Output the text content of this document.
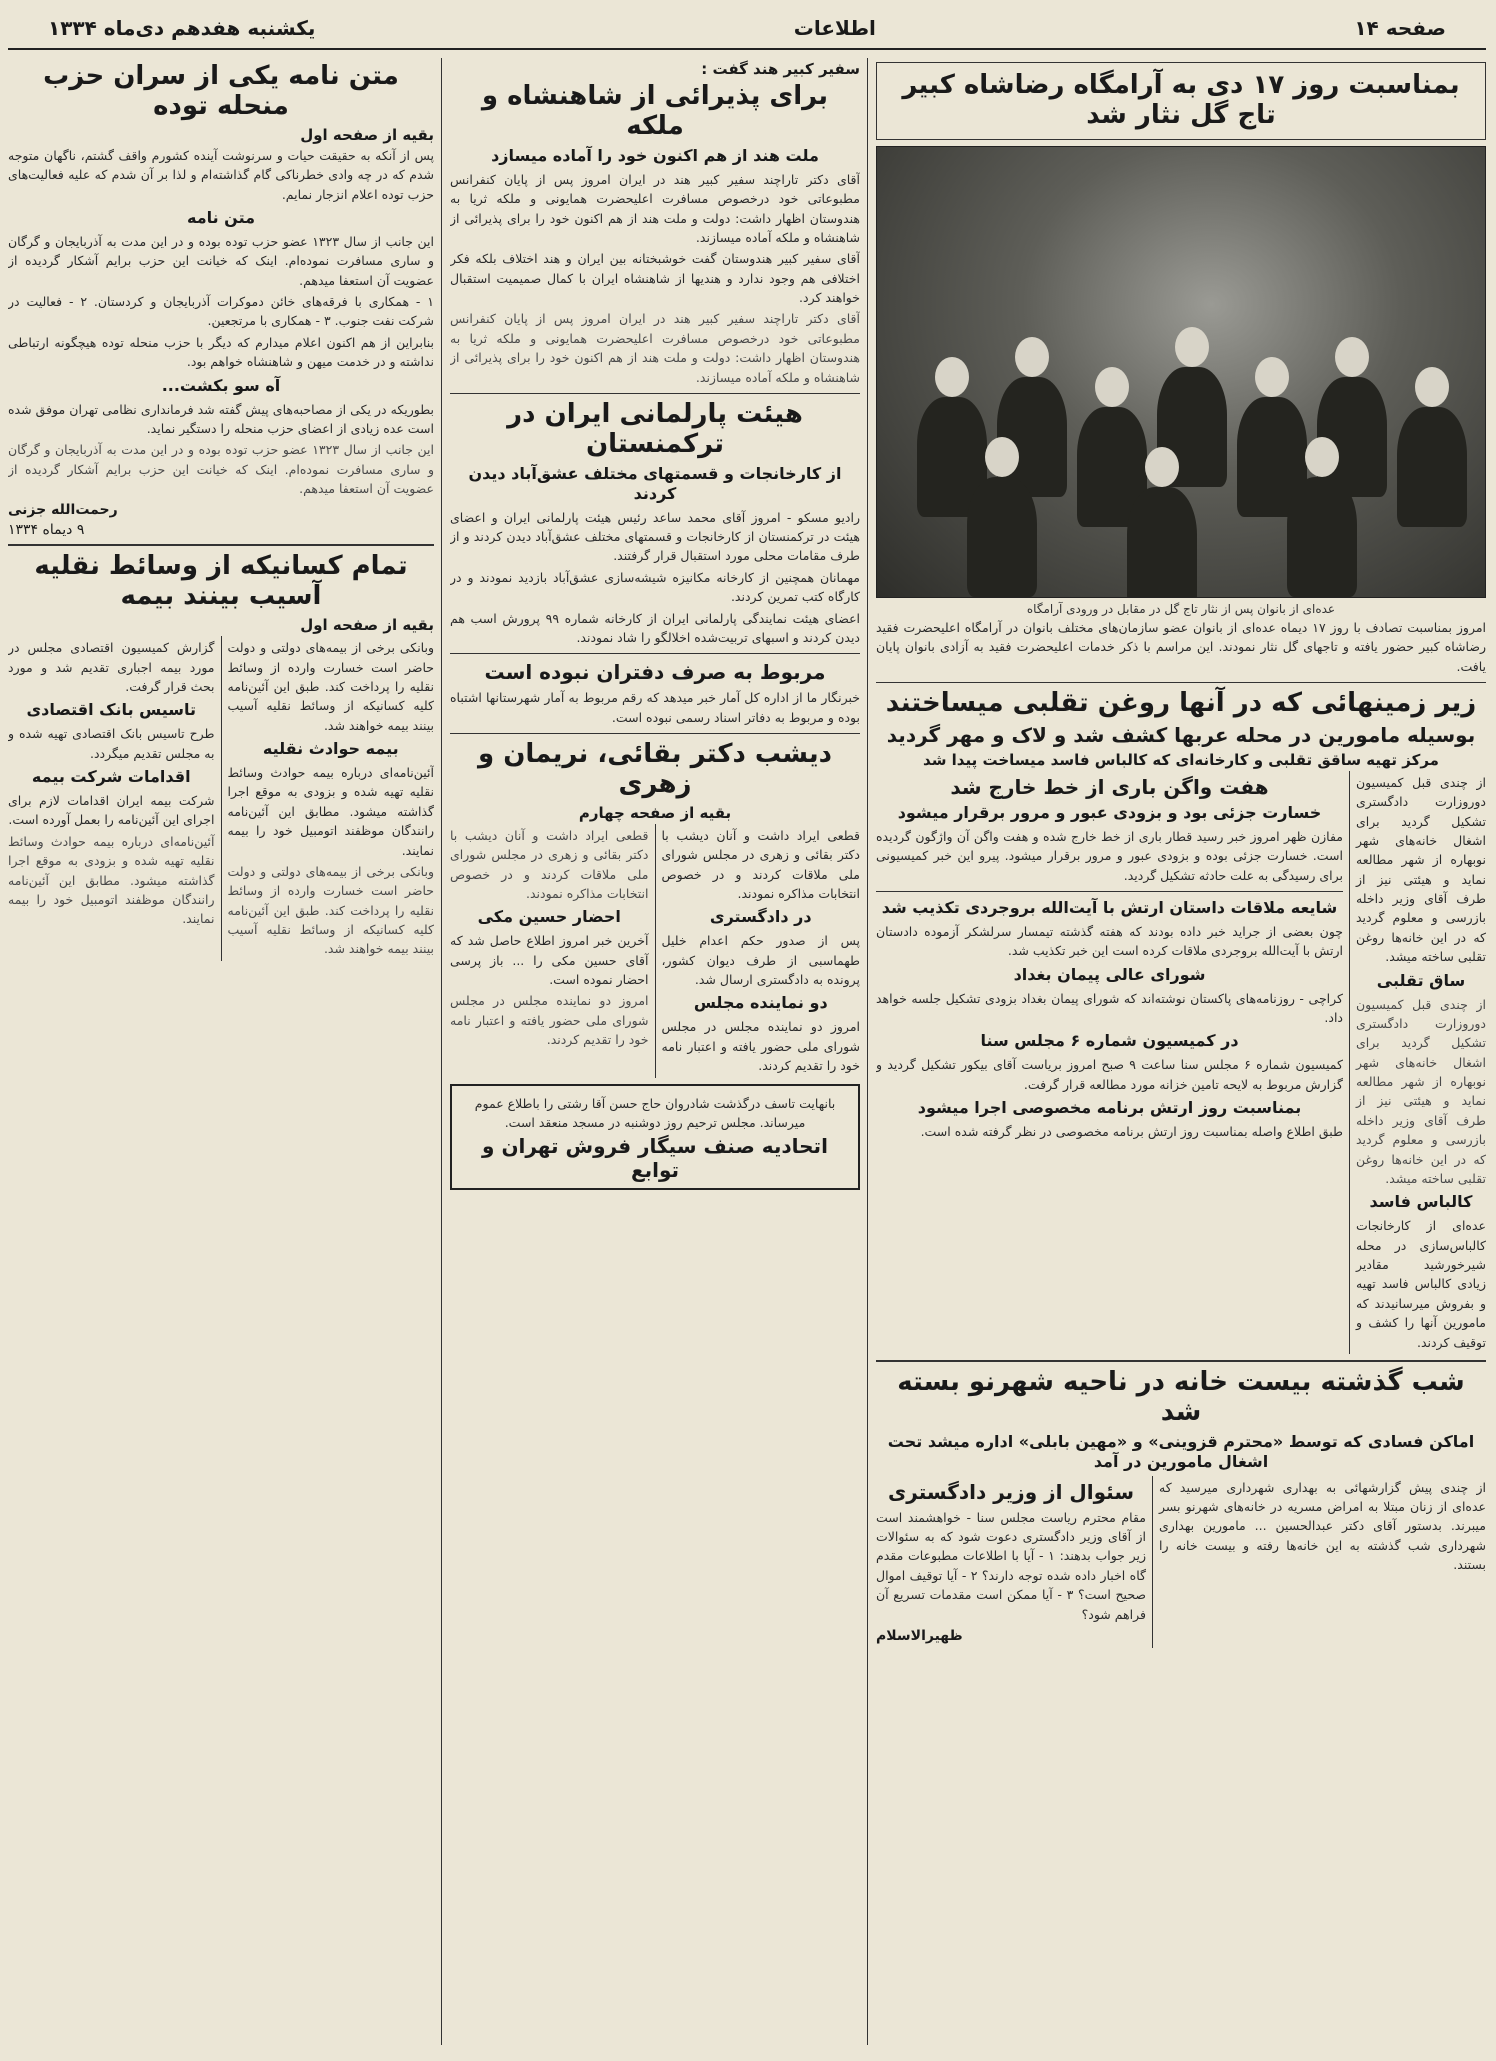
صفحه ۱۴
اطلاعات
یکشنبه هفدهم دی‌ماه ۱۳۳۴
بمناسبت روز ۱۷ دی به آرامگاه رضاشاه کبیر تاج گل نثار شد
عده‌ای از بانوان پس از نثار تاج گل در مقابل در ورودی آرامگاه

امروز بمناسبت تصادف با روز ۱۷ دیماه عده‌ای از بانوان عضو سازمان‌های مختلف بانوان در آرامگاه اعلیحضرت فقید رضاشاه کبیر حضور یافته و تاجهای گل نثار نمودند. این مراسم با ذکر خدمات اعلیحضرت فقید به آزادی بانوان پایان یافت.

زیر زمینهائی که در آنها روغن تقلبی میساختند
بوسیله مامورین در محله عربها کشف شد و لاک و مهر گردید
مرکز تهیه ساقق تقلبی و کارخانه‌ای که کالباس فاسد میساخت پیدا شد

از چندی قبل کمیسیون دوروزارت دادگستری تشکیل گردید برای اشغال خانه‌های شهر نوبهاره از شهر مطالعه نماید و هیئتی نیز از طرف آقای وزیر داخله بازرسی و معلوم گردید که در این خانه‌ها روغن تقلبی ساخته میشد.

ساق تقلبی

از چندی قبل کمیسیون دوروزارت دادگستری تشکیل گردید برای اشغال خانه‌های شهر نوبهاره از شهر مطالعه نماید و هیئتی نیز از طرف آقای وزیر داخله بازرسی و معلوم گردید که در این خانه‌ها روغن تقلبی ساخته میشد.

کالباس فاسد

عده‌ای از کارخانجات کالباس‌سازی در محله شیرخورشید مقادیر زیادی کالباس فاسد تهیه و بفروش میرسانیدند که مامورین آنها را کشف و توقیف کردند.

هفت واگن باری از خط خارج شد
خسارت جزئی بود و بزودی عبور و مرور برقرار میشود

مفازن ظهر امروز خبر رسید قطار باری از خط خارج شده و هفت واگن آن واژگون گردیده است. خسارت جزئی بوده و بزودی عبور و مرور برقرار میشود. پیرو این خبر کمیسیونی برای رسیدگی به علت حادثه تشکیل گردید.

شایعه ملاقات داستان ارتش با آیت‌الله بروجردی تکذیب شد

چون بعضی از جراید خبر داده بودند که هفته گذشته تیمسار سرلشکر آزموده دادستان ارتش با آیت‌الله بروجردی ملاقات کرده است این خبر تکذیب شد.

شورای عالی پیمان بغداد

کراچی - روزنامه‌های پاکستان نوشته‌اند که شورای پیمان بغداد بزودی تشکیل جلسه خواهد داد.

در کمیسیون شماره ۶ مجلس سنا

کمیسیون شماره ۶ مجلس سنا ساعت ۹ صبح امروز بریاست آقای بیکور تشکیل گردید و گزارش مربوط به لایحه تامین خزانه مورد مطالعه قرار گرفت.

بمناسبت روز ارتش برنامه مخصوصی اجرا میشود

طبق اطلاع واصله بمناسبت روز ارتش برنامه مخصوصی در نظر گرفته شده است.

شب گذشته بیست خانه در ناحیه شهرنو بسته شد
اماکن فسادی که توسط «محترم قزوینی» و «مهین بابلی» اداره میشد تحت اشغال مامورین در آمد

از چندی پیش گزارشهائی به بهداری شهرداری میرسید که عده‌ای از زنان مبتلا به امراض مسریه در خانه‌های شهرنو بسر میبرند. بدستور آقای دکتر عبدالحسین ... مامورین بهداری شهرداری شب گذشته به این خانه‌ها رفته و بیست خانه را بستند.

سئوال از وزیر دادگستری

مقام محترم ریاست مجلس سنا - خواهشمند است از آقای وزیر دادگستری دعوت شود که به سئوالات زیر جواب بدهند: ۱ - آیا با اطلاعات مطبوعات مقدم گاه اخبار داده شده توجه دارند؟ ۲ - آیا توقیف اموال صحیح است؟ ۳ - آیا ممکن است مقدمات تسریع آن فراهم شود؟

ظهیرالاسلام
سفیر کبیر هند گفت :
برای پذیرائی از شاهنشاه و ملکه
ملت هند از هم اکنون خود را آماده میسازد

آقای دکتر تاراچند سفیر کبیر هند در ایران امروز پس از پایان کنفرانس مطبوعاتی خود درخصوص مسافرت اعلیحضرت همایونی و ملکه ثریا به هندوستان اظهار داشت: دولت و ملت هند از هم اکنون خود را برای پذیرائی از شاهنشاه و ملکه آماده میسازند.

آقای سفیر کبیر هندوستان گفت خوشبختانه بین ایران و هند اختلاف بلکه فکر اختلافی هم وجود ندارد و هندیها از شاهنشاه ایران با کمال صمیمیت استقبال خواهند کرد.

آقای دکتر تاراچند سفیر کبیر هند در ایران امروز پس از پایان کنفرانس مطبوعاتی خود درخصوص مسافرت اعلیحضرت همایونی و ملکه ثریا به هندوستان اظهار داشت: دولت و ملت هند از هم اکنون خود را برای پذیرائی از شاهنشاه و ملکه آماده میسازند.

هیئت پارلمانی ایران در ترکمنستان
از کارخانجات و قسمتهای مختلف عشق‌آباد دیدن کردند

رادیو مسکو - امروز آقای محمد ساعد رئیس هیئت پارلمانی ایران و اعضای هیئت در ترکمنستان از کارخانجات و قسمتهای مختلف عشق‌آباد دیدن کردند و از طرف مقامات محلی مورد استقبال قرار گرفتند.

مهمانان همچنین از کارخانه مکانیزه شیشه‌سازی عشق‌آباد بازدید نمودند و در کارگاه کتب تمرین کردند.

اعضای هیئت نمایندگی پارلمانی ایران از کارخانه شماره ۹۹ پرورش اسب هم دیدن کردند و اسبهای تربیت‌شده اخلالگو را شاد نمودند.

مربوط به صرف دفتران نبوده است

خبرنگار ما از اداره کل آمار خبر میدهد که رقم مربوط به آمار شهرستانها اشتباه بوده و مربوط به دفاتر اسناد رسمی نبوده است.

دیشب دکتر بقائی، نریمان و زهری
بقیه از صفحه چهارم

قطعی ایراد داشت و آنان دیشب با دکتر بقائی و زهری در مجلس شورای ملی ملاقات کردند و در خصوص انتخابات مذاکره نمودند.

در دادگستری

پس از صدور حکم اعدام خلیل طهماسبی از طرف دیوان کشور، پرونده به دادگستری ارسال شد.

دو نماینده مجلس

امروز دو نماینده مجلس در مجلس شورای ملی حضور یافته و اعتبار نامه خود را تقدیم کردند.

قطعی ایراد داشت و آنان دیشب با دکتر بقائی و زهری در مجلس شورای ملی ملاقات کردند و در خصوص انتخابات مذاکره نمودند.

احضار حسین مکی

آخرین خبر امروز اطلاع حاصل شد که آقای حسین مکی را ... باز پرسی احضار نموده است.

امروز دو نماینده مجلس در مجلس شورای ملی حضور یافته و اعتبار نامه خود را تقدیم کردند.

بانهایت تاسف درگذشت شادروان حاج حسن آقا رشتی را باطلاع عموم میرساند. مجلس ترحیم روز دوشنبه در مسجد منعقد است.

اتحادیه صنف سیگار فروش تهران و توابع
متن نامه یکی از سران حزب منحله توده
بقیه از صفحه اول

پس از آنکه به حقیقت حیات و سرنوشت آینده کشورم واقف گشتم، ناگهان متوجه شدم که در چه وادی خطرناکی گام گذاشته‌ام و لذا بر آن شدم که علیه فعالیت‌های حزب توده اعلام انزجار نمایم.

متن نامه

این جانب از سال ۱۳۲۳ عضو حزب توده بوده و در این مدت به آذربایجان و گرگان و ساری مسافرت نموده‌ام. اینک که خیانت این حزب برایم آشکار گردیده از عضویت آن استعفا میدهم.

۱ - همکاری با فرقه‌های خائن دموکرات آذربایجان و کردستان. ۲ - فعالیت در شرکت نفت جنوب. ۳ - همکاری با مرتجعین.

بنابراین از هم اکنون اعلام میدارم که دیگر با حزب منحله توده هیچگونه ارتباطی نداشته و در خدمت میهن و شاهنشاه خواهم بود.

آه سو بکشت...

بطوریکه در یکی از مصاحبه‌های پیش گفته شد فرمانداری نظامی تهران موفق شده است عده زیادی از اعضای حزب منحله را دستگیر نماید.

این جانب از سال ۱۳۲۳ عضو حزب توده بوده و در این مدت به آذربایجان و گرگان و ساری مسافرت نموده‌ام. اینک که خیانت این حزب برایم آشکار گردیده از عضویت آن استعفا میدهم.

رحمت‌الله جزنی
۹ دیماه ۱۳۳۴
تمام کسانیکه از وسائط نقلیه آسیب بینند بیمه
بقیه از صفحه اول

وبانکی برخی از بیمه‌های دولتی و دولت حاضر است خسارت وارده از وسائط نقلیه را پرداخت کند. طبق این آئین‌نامه کلیه کسانیکه از وسائط نقلیه آسیب بینند بیمه خواهند شد.

بیمه حوادث نقلیه

آئین‌نامه‌ای درباره بیمه حوادث وسائط نقلیه تهیه شده و بزودی به موقع اجرا گذاشته میشود. مطابق این آئین‌نامه رانندگان موظفند اتومبیل خود را بیمه نمایند.

وبانکی برخی از بیمه‌های دولتی و دولت حاضر است خسارت وارده از وسائط نقلیه را پرداخت کند. طبق این آئین‌نامه کلیه کسانیکه از وسائط نقلیه آسیب بینند بیمه خواهند شد.

گزارش کمیسیون اقتصادی مجلس در مورد بیمه اجباری تقدیم شد و مورد بحث قرار گرفت.

تاسیس بانک اقتصادی

طرح تاسیس بانک اقتصادی تهیه شده و به مجلس تقدیم میگردد.

اقدامات شرکت بیمه

شرکت بیمه ایران اقدامات لازم برای اجرای این آئین‌نامه را بعمل آورده است.

آئین‌نامه‌ای درباره بیمه حوادث وسائط نقلیه تهیه شده و بزودی به موقع اجرا گذاشته میشود. مطابق این آئین‌نامه رانندگان موظفند اتومبیل خود را بیمه نمایند.
